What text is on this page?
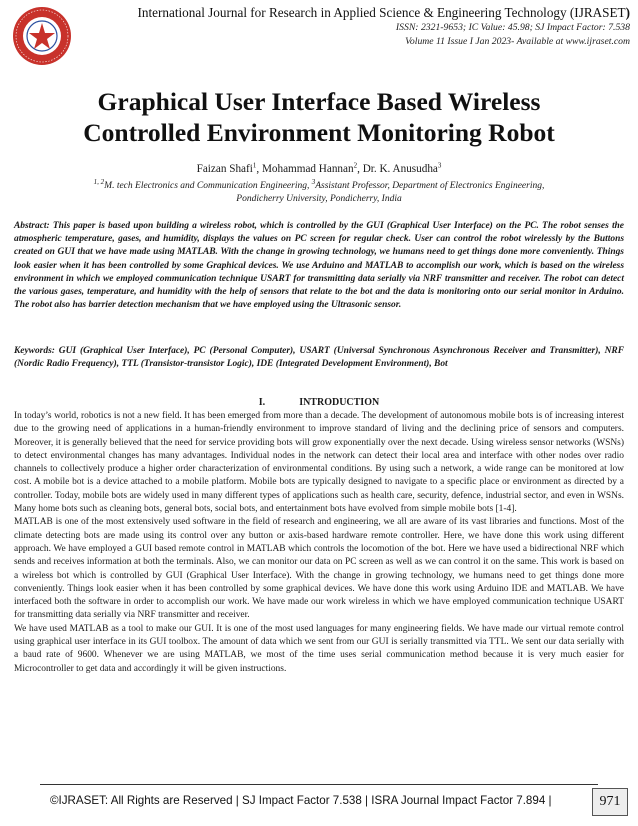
International Journal for Research in Applied Science & Engineering Technology (IJRASET)
ISSN: 2321-9653; IC Value: 45.98; SJ Impact Factor: 7.538
Volume 11 Issue I Jan 2023- Available at www.ijraset.com
Graphical User Interface Based Wireless
Controlled Environment Monitoring Robot
Faizan Shafi$^1$, Mohammad Hannan$^2$, Dr. K. Anusudha$^3$
$^{1, 2}$M. tech Electronics and Communication Engineering, $^3$Assistant Professor, Department of Electronics Engineering,
Pondicherry University, Pondicherry, India
Abstract: This paper is based upon building a wireless robot, which is controlled by the GUI (Graphical User Interface) on the PC. The robot senses the atmospheric temperature, gases, and humidity, displays the values on PC screen for regular check. User can control the robot wirelessly by the Buttons created on GUI that we have made using MATLAB. With the change in growing technology, we humans need to get things done more conveniently. Things look easier when it has been controlled by some Graphical devices. We use Arduino and MATLAB to accomplish our work, which is based on the wireless environment in which we employed communication technique USART for transmitting data serially via NRF transmitter and receiver. The robot can detect the various gases, temperature, and humidity with the help of sensors that relate to the bot and the data is monitoring onto our serial monitor in Arduino. The robot also has barrier detection mechanism that we have employed using the Ultrasonic sensor.
Keywords: GUI (Graphical User Interface), PC (Personal Computer), USART (Universal Synchronous Asynchronous Receiver and Transmitter), NRF (Nordic Radio Frequency), TTL (Transistor-transistor Logic), IDE (Integrated Development Environment), Bot
I.	INTRODUCTION

In today’s world, robotics is not a new field. It has been emerged from more than a decade. The development of autonomous mobile bots is of increasing interest due to the growing need of applications in a human-friendly environment to improve standard of living and the declining price of sensors and computers. Moreover, it is generally believed that the need for service providing bots will grow exponentially over the next decade. Using wireless sensor networks (WSNs) to detect environmental changes has many advantages. Individual nodes in the network can detect their local area and interface with other nodes over radio channels to collectively produce a higher order characterization of environmental conditions. By using such a network, a wide range can be monitored at low cost. A mobile bot is a device attached to a mobile platform. Mobile bots are typically designed to navigate to a specific place or environment as directed by a controller. Today, mobile bots are widely used in many different types of applications such as health care, security, defence, industrial sector, and even in WSNs. Many home bots such as cleaning bots, general bots, social bots, and entertainment bots have evolved from simple mobile bots [1-4].

MATLAB is one of the most extensively used software in the field of research and engineering, we all are aware of its vast libraries and functions. Most of the climate detecting bots are made using its control over any button or axis-based hardware remote controller. Here, we have done this work using different approach. We have employed a GUI based remote control in MATLAB which controls the locomotion of the bot. Here we have used a bidirectional NRF which sends and receives information at both the terminals. Also, we can monitor our data on PC screen as well as we can control it on the same. This work is based on a wireless bot which is controlled by GUI (Graphical User Interface). With the change in growing technology, we humans need to get things done more conveniently. Things look easier when it has been controlled by some graphical devices. We have done this work using Arduino IDE and MATLAB. We have interfaced both the software in order to accomplish our work. We have made our work wireless in which we have employed communication technique USART for transmitting data serially via NRF transmitter and receiver.

We have used MATLAB as a tool to make our GUI. It is one of the most used languages for many engineering fields. We have made our virtual remote control using graphical user interface in its GUI toolbox. The amount of data which we sent from our GUI is serially transmitted via TTL. We sent our data serially with a baud rate of 9600. Whenever we are using MATLAB, we most of the time uses serial communication method because it is very much easier for Microcontroller to get data and accordingly it will be given instructions.

©IJRASET: All Rights are Reserved | SJ Impact Factor 7.538 | ISRA Journal Impact Factor 7.894 |	971
